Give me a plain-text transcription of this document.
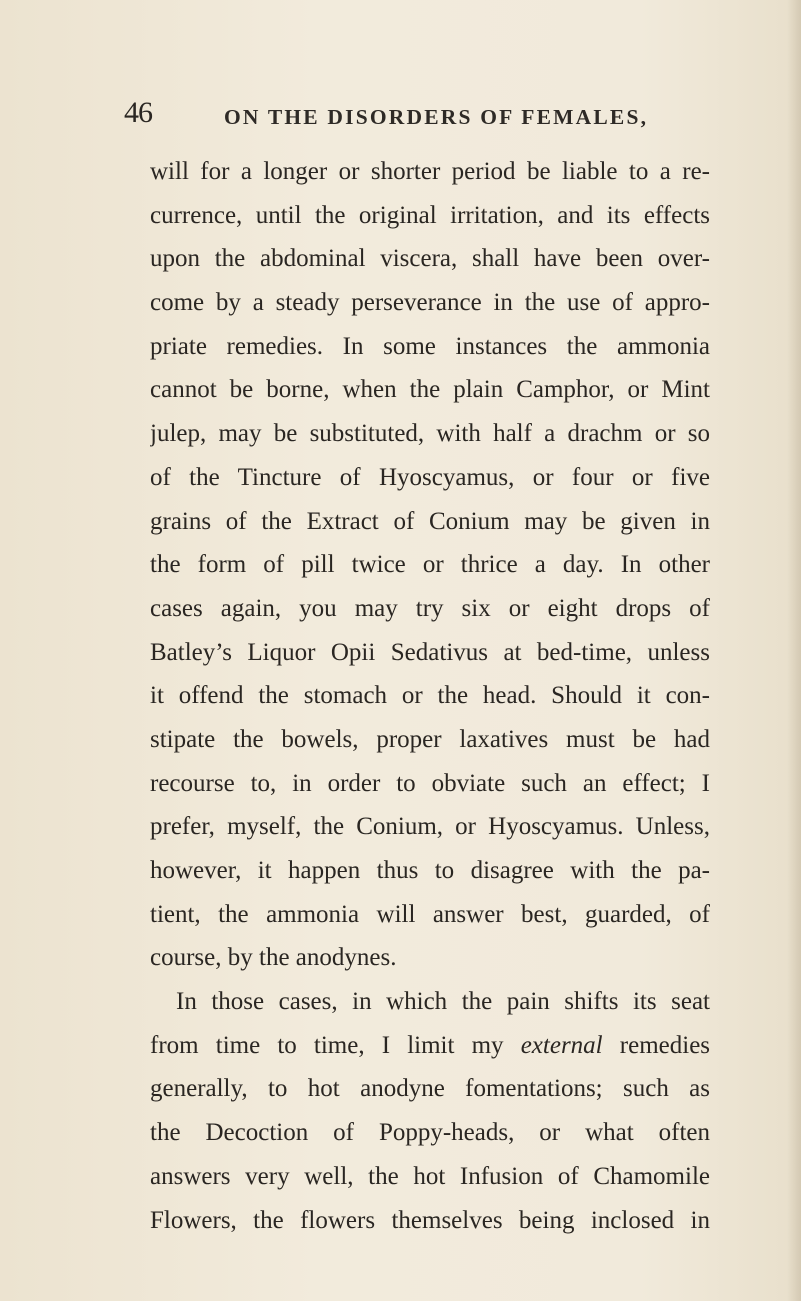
46	ON THE DISORDERS OF FEMALES,
will for a longer or shorter period be liable to a re-
currence, until the original irritation, and its effects
upon the abdominal viscera, shall have been over-
come by a steady perseverance in the use of appro-
priate remedies. In some instances the ammonia
cannot be borne, when the plain Camphor, or Mint
julep, may be substituted, with half a drachm or so
of the Tincture of Hyoscyamus, or four or five
grains of the Extract of Conium may be given in
the form of pill twice or thrice a day. In other
cases again, you may try six or eight drops of
Batley’s Liquor Opii Sedativus at bed-time, unless
it offend the stomach or the head. Should it con-
stipate the bowels, proper laxatives must be had
recourse to, in order to obviate such an effect; I
prefer, myself, the Conium, or Hyoscyamus. Unless,
however, it happen thus to disagree with the pa-
tient, the ammonia will answer best, guarded, of
course, by the anodynes.
In those cases, in which the pain shifts its seat
from time to time, I limit my external remedies
generally, to hot anodyne fomentations; such as
the Decoction of Poppy-heads, or what often
answers very well, the hot Infusion of Chamomile
Flowers, the flowers themselves being inclosed in
